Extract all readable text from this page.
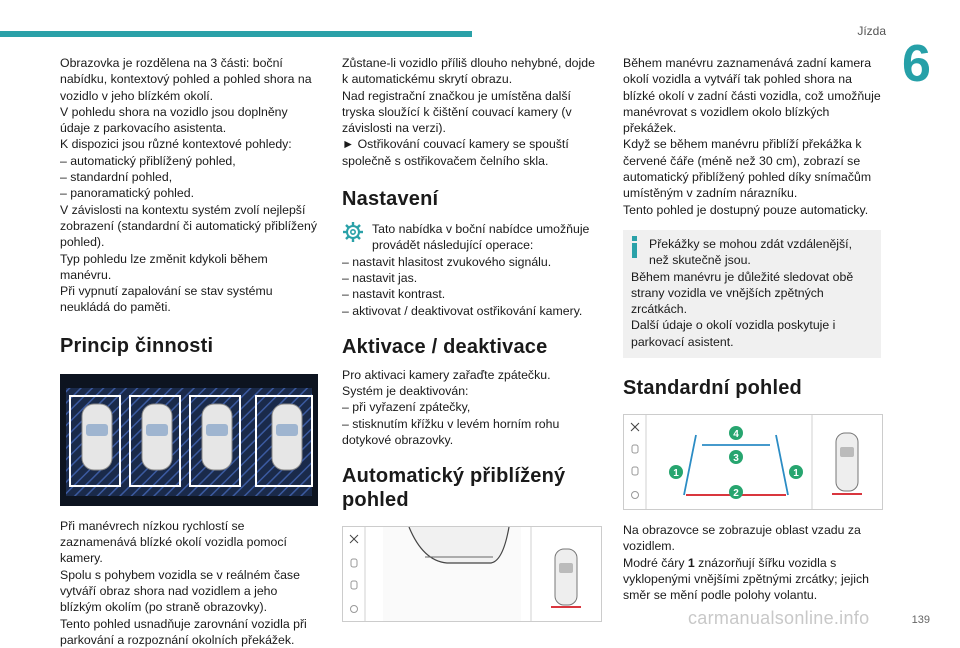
Jízda
6

Obrazovka je rozdělena na 3 části: boční nabídku, kontextový pohled a pohled shora na vozidlo v jeho blízkém okolí.

V pohledu shora na vozidlo jsou doplněny údaje z parkovacího asistenta.

K dispozici jsou různé kontextové pohledy:

– automatický přiblížený pohled,

– standardní pohled,

– panoramatický pohled.

V závislosti na kontextu systém zvolí nejlepší zobrazení (standardní či automatický přiblížený pohled).

Typ pohledu lze změnit kdykoli během manévru.

Při vypnutí zapalování se stav systému neukládá do paměti.

Princip činnosti

Při manévrech nízkou rychlostí se zaznamenává blízké okolí vozidla pomocí kamery.

Spolu s pohybem vozidla se v reálném čase vytváří obraz shora nad vozidlem a jeho blízkým okolím (po straně obrazovky).

Tento pohled usnadňuje zarovnání vozidla při parkování a rozpoznání okolních překážek.

Zůstane-li vozidlo příliš dlouho nehybné, dojde k automatickému skrytí obrazu.

Nad registrační značkou je umístěna další tryska sloužící k čištění couvací kamery (v závislosti na verzi).

► Ostřikování couvací kamery se spouští společně s ostřikovačem čelního skla.

Nastavení

Tato nabídka v boční nabídce umožňuje provádět následující operace:

– nastavit hlasitost zvukového signálu.

– nastavit jas.

– nastavit kontrast.

– aktivovat / deaktivovat ostřikování kamery.

Aktivace / deaktivace

Pro aktivaci kamery zařaďte zpátečku.

Systém je deaktivován:

– při vyřazení zpátečky,

– stisknutím křížku v levém horním rohu dotykové obrazovky.

Automatický přiblížený pohled

Během manévru zaznamenává zadní kamera okolí vozidla a vytváří tak pohled shora na blízké okolí v zadní části vozidla, což umožňuje manévrovat s vozidlem okolo blízkých překážek.

Když se během manévru přiblíží překážka k červené čáře (méně než 30 cm), zobrazí se automatický přiblížený pohled díky snímačům umístěným v zadním nárazníku.

Tento pohled je dostupný pouze automaticky.

Překážky se mohou zdát vzdálenější, než skutečně jsou.

Během manévru je důležité sledovat obě strany vozidla ve vnějších zpětných zrcátkách.

Další údaje o okolí vozidla poskytuje i parkovací asistent.

Standardní pohled
1	1
2
3
4

Na obrazovce se zobrazuje oblast vzadu za vozidlem.

Modré čáry 1 znázorňují šířku vozidla s vyklopenými vnějšími zpětnými zrcátky; jejich směr se mění podle polohy volantu.

carmanualsonline.info	139
